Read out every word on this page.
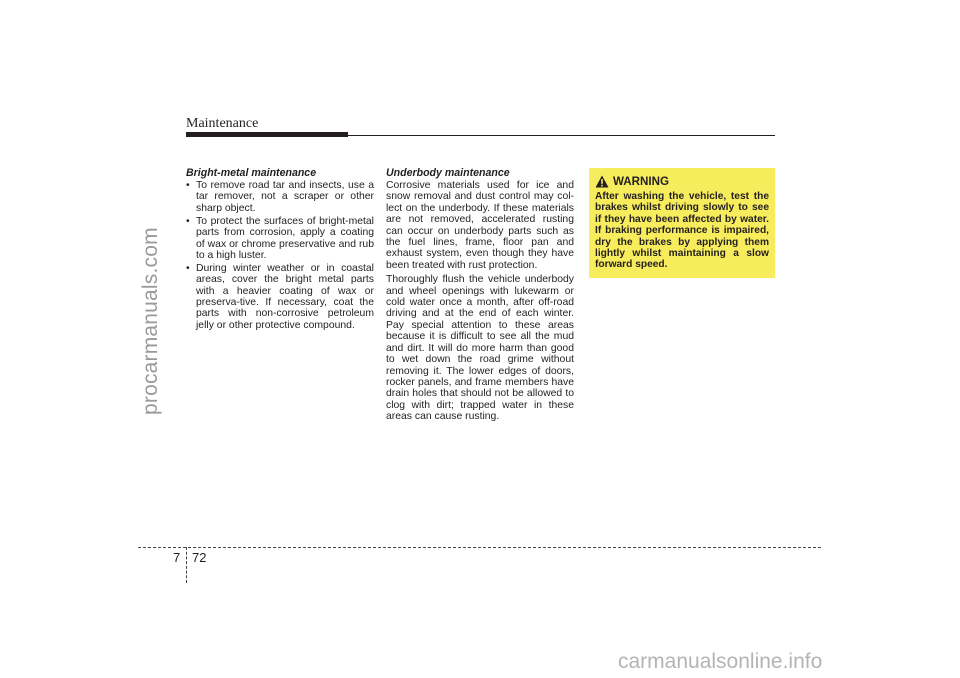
procarmanuals.com
Maintenance

Bright-metal maintenance

• To remove road tar and insects, use a tar remover, not a scraper or other sharp object.
• To protect the surfaces of bright-metal parts from corrosion, apply a coating of wax or chrome preservative and rub to a high luster.
• During winter weather or in coastal areas, cover the bright metal parts with a heavier coating of wax or preserva-tive. If necessary, coat the parts with non-corrosive petroleum jelly or other protective compound.

Underbody maintenance

Corrosive materials used for ice and snow removal and dust control may col-lect on the underbody. If these materials are not removed, accelerated rusting can occur on underbody parts such as the fuel lines, frame, floor pan and exhaust system, even though they have been treated with rust protection.

Thoroughly flush the vehicle underbody and wheel openings with lukewarm or cold water once a month, after off-road driving and at the end of each winter. Pay special attention to these areas because it is difficult to see all the mud and dirt. It will do more harm than good to wet down the road grime without removing it. The lower edges of doors, rocker panels, and frame members have drain holes that should not be allowed to clog with dirt; trapped water in these areas can cause rusting.

WARNING

After washing the vehicle, test the brakes whilst driving slowly to see if they have been affected by water. If braking performance is impaired, dry the brakes by applying them lightly whilst maintaining a slow forward speed.

7 72
carmanualsonline.info
